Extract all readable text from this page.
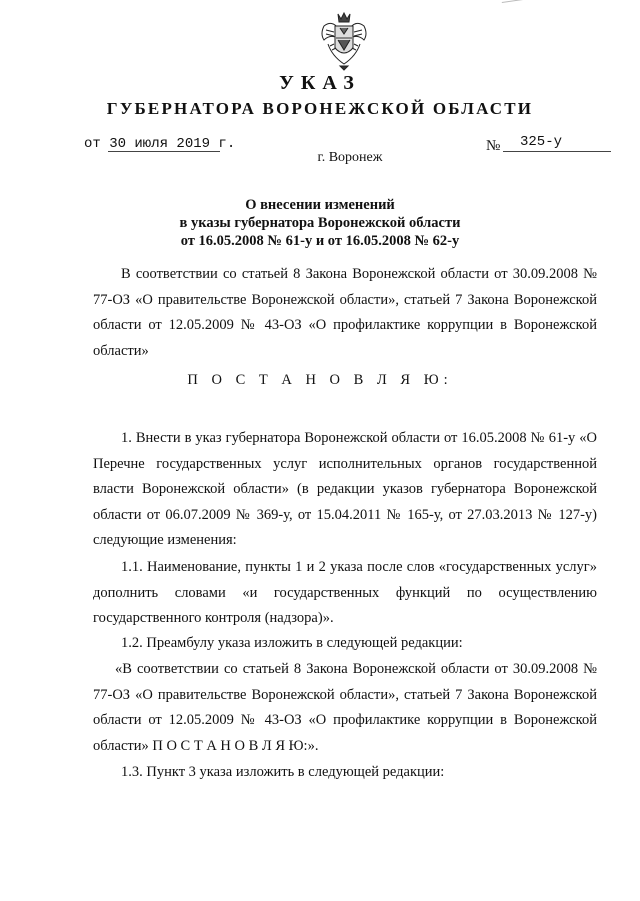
УКАЗ
ГУБЕРНАТОРА ВОРОНЕЖСКОЙ ОБЛАСТИ
от 30 июля 2019 г.	№ 325-у
г. Воронеж
О внесении изменений
в указы губернатора Воронежской области
от 16.05.2008 № 61-у и от 16.05.2008 № 62-у
В соответствии со статьей 8 Закона Воронежской области от 30.09.2008 № 77-ОЗ «О правительстве Воронежской области», статьей 7 Закона Воронежской области от 12.05.2009 № 43-ОЗ «О профилактике коррупции в Воронежской области»
П О С Т А Н О В Л Я Ю:
1. Внести в указ губернатора Воронежской области от 16.05.2008 № 61-у «О Перечне государственных услуг исполнительных органов государственной власти Воронежской области» (в редакции указов губернатора Воронежской области от 06.07.2009 № 369-у, от 15.04.2011 № 165-у, от 27.03.2013 № 127-у) следующие изменения:
1.1. Наименование, пункты 1 и 2 указа после слов «государственных услуг» дополнить словами «и государственных функций по осуществлению государственного контроля (надзора)».
1.2. Преамбулу указа изложить в следующей редакции:
«В соответствии со статьей 8 Закона Воронежской области от 30.09.2008 № 77-ОЗ «О правительстве Воронежской области», статьей 7 Закона Воронежской области от 12.05.2009 № 43-ОЗ «О профилактике коррупции в Воронежской области» П О С Т А Н О В Л Я Ю:».
1.3. Пункт 3 указа изложить в следующей редакции:
